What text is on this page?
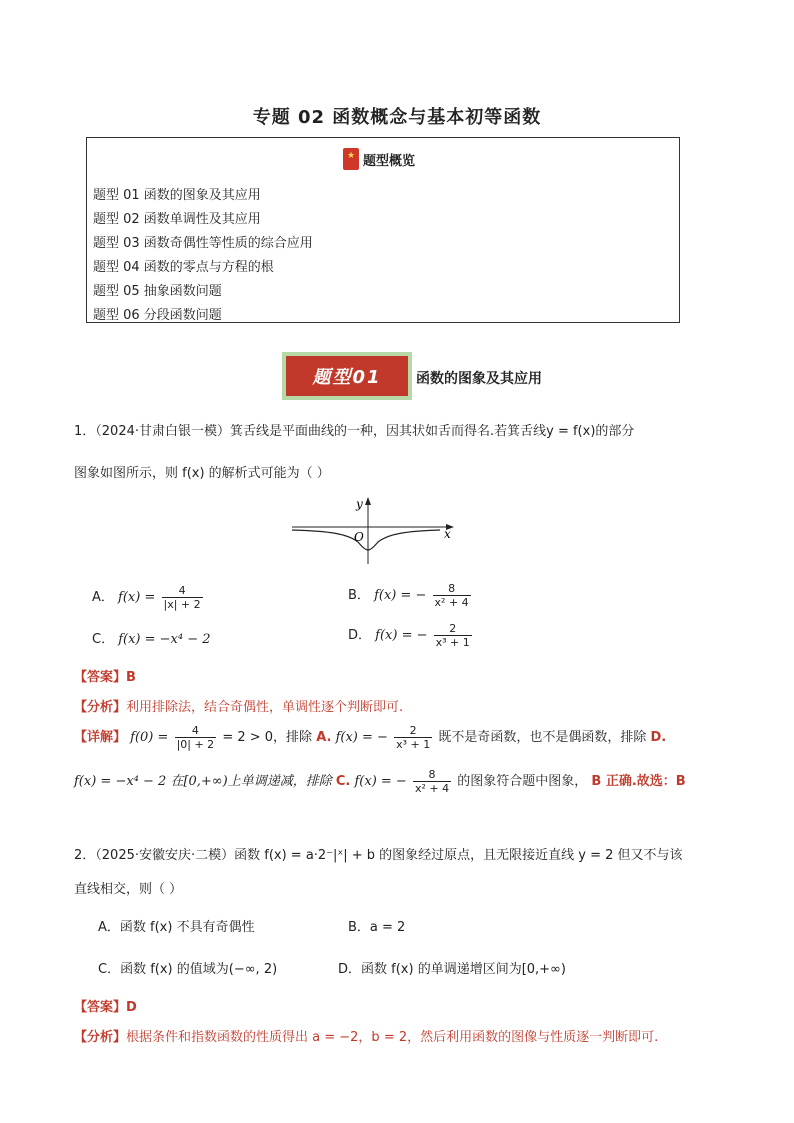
专题 02 函数概念与基本初等函数
★
题型概览
题型 01 函数的图象及其应用
题型 02 函数单调性及其应用
题型 03 函数奇偶性等性质的综合应用
题型 04 函数的零点与方程的根
题型 05 抽象函数问题
题型 06 分段函数问题
题型01	函数的图象及其应用
1．（2024·甘肃白银一模）箕舌线是平面曲线的一种，因其状如舌而得名.若箕舌线y = f(x)的部分
图象如图所示，则 f(x) 的解析式可能为（ ）
y
x
O
A． $f(x) = \frac{4}{|x| + 2}$	B． f(x) = − $\frac{8}{\text{x² + 4}}$
C． f(x) = −x⁴ − 2	D． f(x) = − $\frac{2}{\text{x³ + 1}}$
【答案】B
【分析】利用排除法，结合奇偶性，单调性逐个判断即可.
【详解】 $f(0) = \frac{4}{|0| + 2} = 2 > 0$，排除 A. f(x) = − $\frac{2}{\text{x³ + 1}}$ 既不是奇函数，也不是偶函数，排除 D.
f(x) = −x⁴ − 2 在[0,+∞)上单调递减，排除 C. f(x) = − $\frac{8}{\text{x² + 4}}$ 的图象符合题中图象， B 正确.故选：B
2．（2025·安徽安庆·二模）函数 f(x) = a·2⁻|ˣ| + b 的图象经过原点，且无限接近直线 y = 2 但又不与该
直线相交，则（ ）
A．函数 f(x) 不具有奇偶性	B．a = 2
C．函数 f(x) 的值域为(−∞, 2)	D．函数 f(x) 的单调递增区间为[0,+∞)
【答案】D
【分析】根据条件和指数函数的性质得出 a = −2，b = 2，然后利用函数的图像与性质逐一判断即可.
